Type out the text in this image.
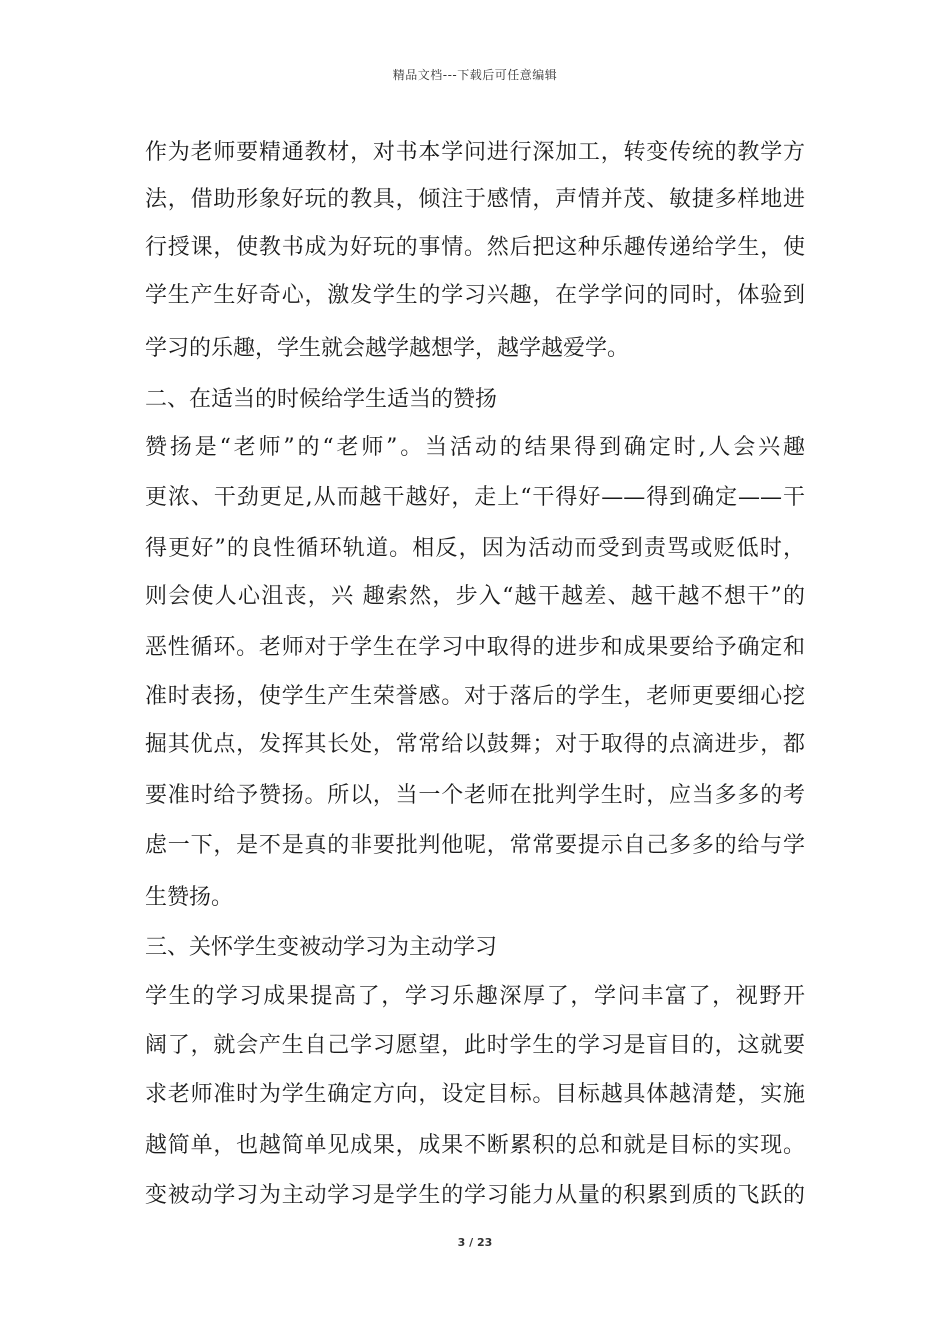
精品文档---下载后可任意编辑
作为老师要精通教材，对书本学问进行深加工，转变传统的教学方
法，借助形象好玩的教具，倾注于感情，声情并茂、敏捷多样地进
行授课，使教书成为好玩的事情。然后把这种乐趣传递给学生，使
学生产生好奇心，激发学生的学习兴趣，在学学问的同时，体验到
学习的乐趣，学生就会越学越想学，越学越爱学。
二、在适当的时候给学生适当的赞扬
赞扬是“老师”的“老师”。当活动的结果得到确定时,人会兴趣
更浓、干劲更足,从而越干越好，走上“干得好——得到确定——干
得更好”的良性循环轨道。相反，因为活动而受到责骂或贬低时，
则会使人心沮丧，兴 趣索然，步入“越干越差、越干越不想干”的
恶性循环。老师对于学生在学习中取得的进步和成果要给予确定和
准时表扬，使学生产生荣誉感。对于落后的学生，老师更要细心挖
掘其优点，发挥其长处，常常给以鼓舞；对于取得的点滴进步，都
要准时给予赞扬。所以，当一个老师在批判学生时，应当多多的考
虑一下，是不是真的非要批判他呢，常常要提示自己多多的给与学
生赞扬。
三、关怀学生变被动学习为主动学习
学生的学习成果提高了，学习乐趣深厚了，学问丰富了，视野开
阔了，就会产生自己学习愿望，此时学生的学习是盲目的，这就要
求老师准时为学生确定方向，设定目标。目标越具体越清楚，实施
越简单，也越简单见成果，成果不断累积的总和就是目标的实现。
变被动学习为主动学习是学生的学习能力从量的积累到质的飞跃的
3 / 23
